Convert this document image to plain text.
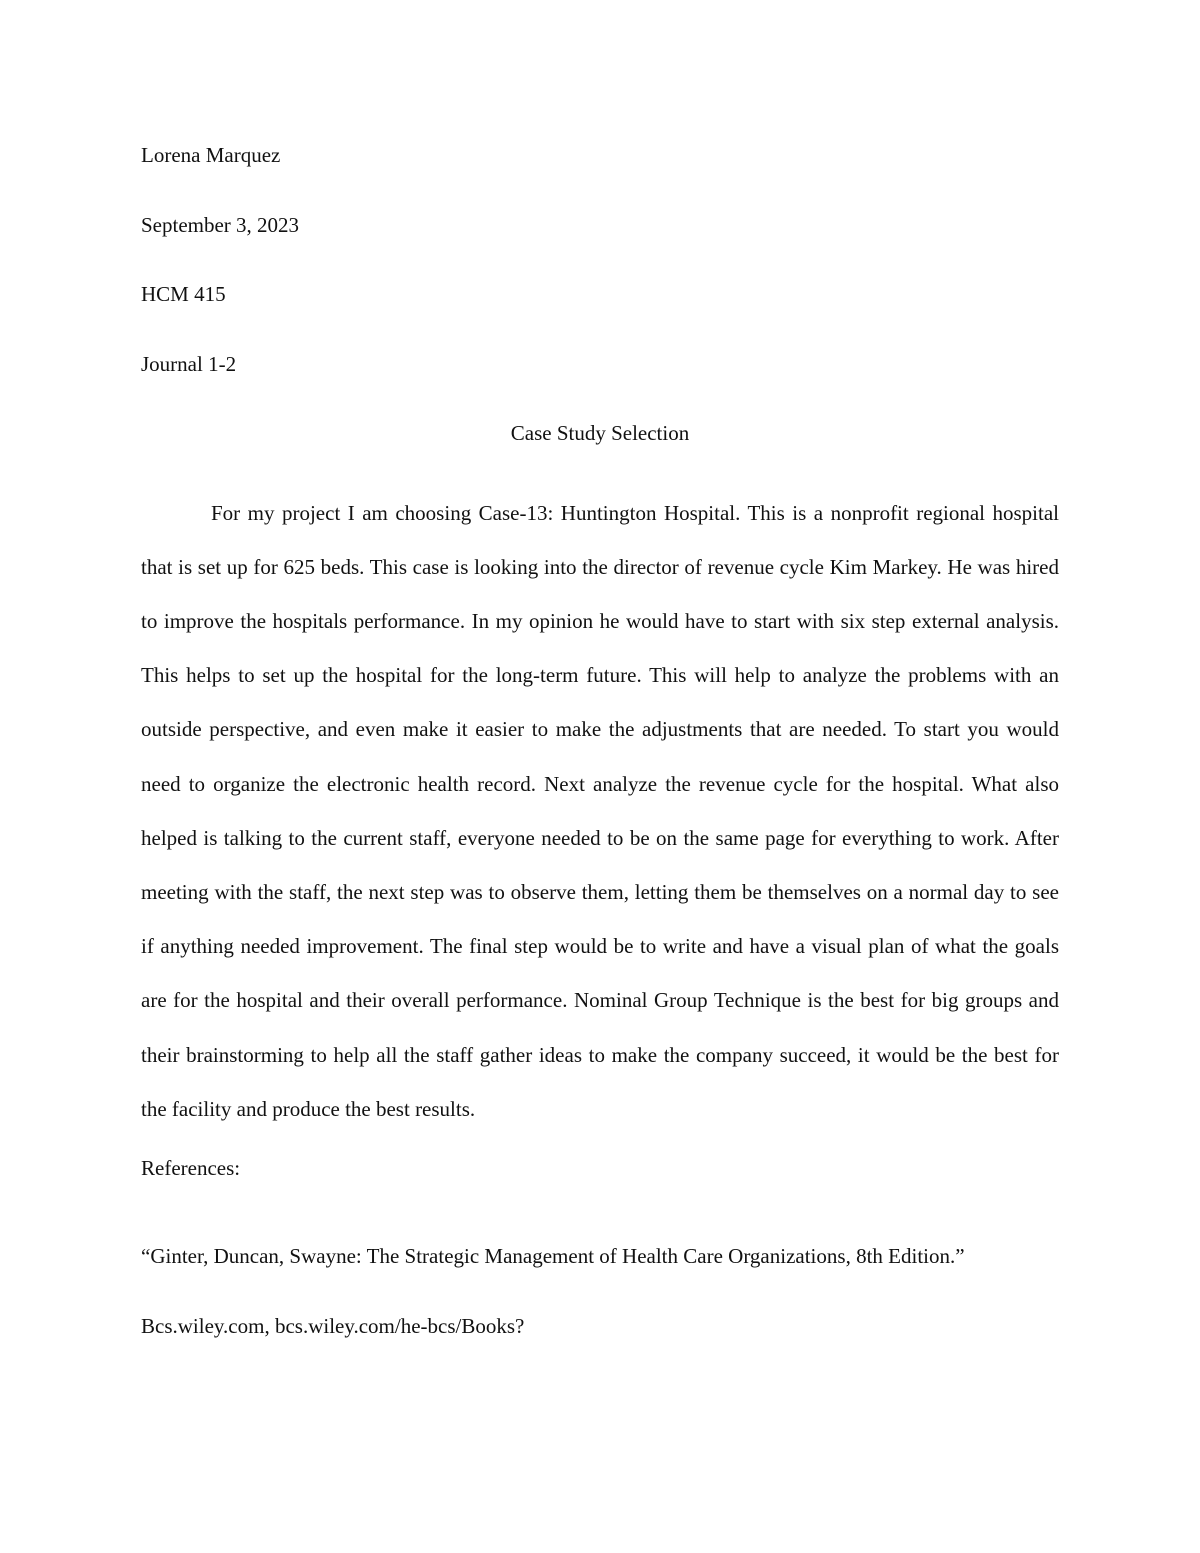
Lorena Marquez
September 3, 2023
HCM 415
Journal 1-2
Case Study Selection

For my project I am choosing Case-13: Huntington Hospital. This is a nonprofit regional hospital that is set up for 625 beds. This case is looking into the director of revenue cycle Kim Markey. He was hired to improve the hospitals performance. In my opinion he would have to start with six step external analysis. This helps to set up the hospital for the long-term future. This will help to analyze the problems with an outside perspective, and even make it easier to make the adjustments that are needed. To start you would need to organize the electronic health record. Next analyze the revenue cycle for the hospital. What also helped is talking to the current staff, everyone needed to be on the same page for everything to work. After meeting with the staff, the next step was to observe them, letting them be themselves on a normal day to see if anything needed improvement. The final step would be to write and have a visual plan of what the goals are for the hospital and their overall performance. Nominal Group Technique is the best for big groups and their brainstorming to help all the staff gather ideas to make the company succeed, it would be the best for the facility and produce the best results.

References:
“Ginter, Duncan, Swayne: The Strategic Management of Health Care Organizations, 8th Edition.” Bcs.wiley.com, bcs.wiley.com/he-bcs/Books?
